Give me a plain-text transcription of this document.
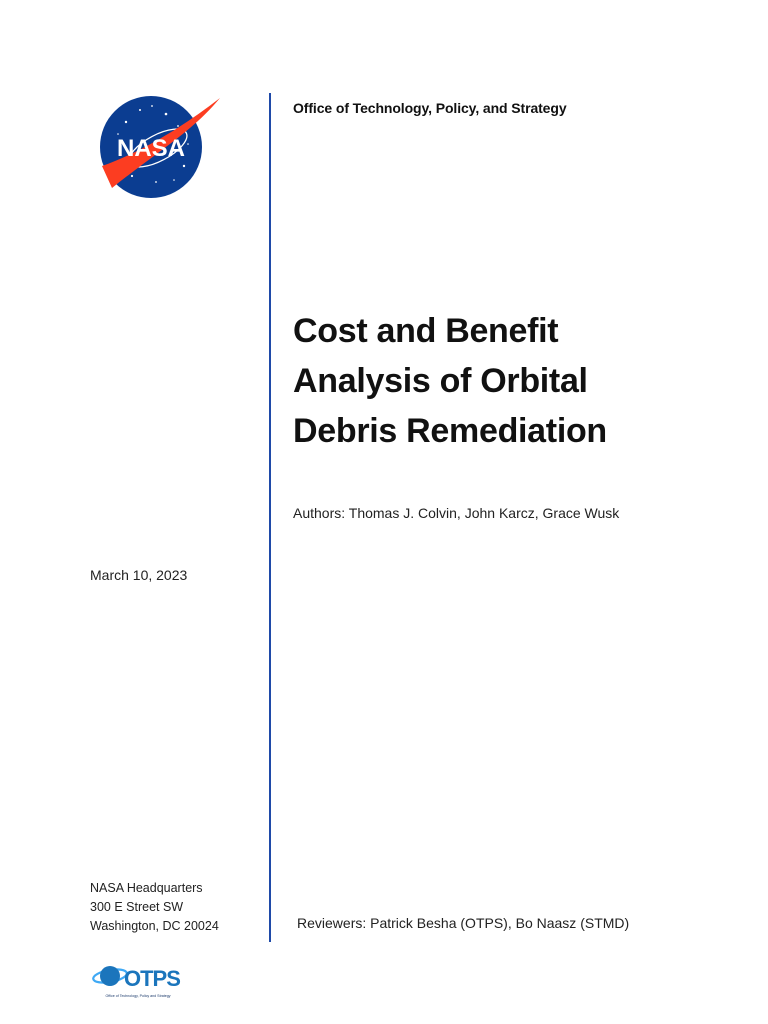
NASA
Office of Technology, Policy, and Strategy
Cost and Benefit
Analysis of Orbital
Debris Remediation
Authors: Thomas J. Colvin, John Karcz, Grace Wusk
March 10, 2023
NASA Headquarters
300 E Street SW
Washington, DC 20024	Reviewers: Patrick Besha (OTPS), Bo Naasz (STMD)
OTPS
Office of Technology, Policy and Strategy
